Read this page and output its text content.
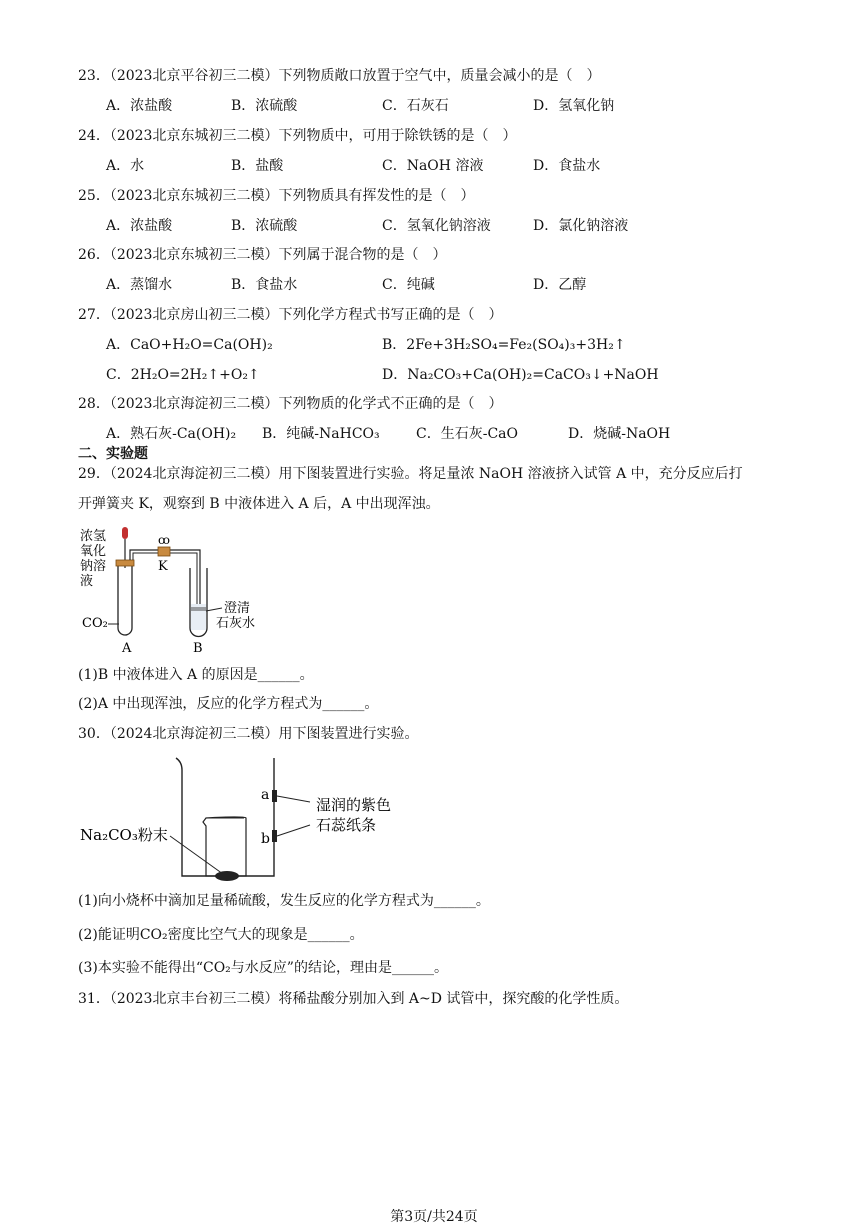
23．（2023北京平谷初三二模）下列物质敞口放置于空气中，质量会减小的是（　）
A．浓盐酸	B．浓硫酸	C．石灰石	D．氢氧化钠
24．（2023北京东城初三二模）下列物质中，可用于除铁锈的是（　）
A．水	B．盐酸	C．NaOH 溶液	D．食盐水
25．（2023北京东城初三二模）下列物质具有挥发性的是（　）
A．浓盐酸	B．浓硫酸	C．氢氧化钠溶液	D．氯化钠溶液
26．（2023北京东城初三二模）下列属于混合物的是（　）
A．蒸馏水	B．食盐水	C．纯碱	D．乙醇
27．（2023北京房山初三二模）下列化学方程式书写正确的是（　）
A．CaO+H₂O=Ca(OH)₂	B．2Fe+3H₂SO₄=Fe₂(SO₄)₃+3H₂↑
C．2H₂O=2H₂↑+O₂↑	D．Na₂CO₃+Ca(OH)₂=CaCO₃↓+NaOH
28．（2023北京海淀初三二模）下列物质的化学式不正确的是（　）
A．熟石灰-Ca(OH)₂ B．纯碱-NaHCO₃	C．生石灰-CaO	D．烧碱-NaOH
二、实验题
29．（2024北京海淀初三二模）用下图装置进行实验。将足量浓 NaOH 溶液挤入试管 A 中，充分反应后打
开弹簧夹 K，观察到 B 中液体进入 A 后，A 中出现浑浊。
浓氢
氧化
钠溶
液
ꝏ
K
CO₂
澄清
石灰水
A	B
(1)B 中液体进入 A 的原因是______。
(2)A 中出现浑浊，反应的化学方程式为______。
30．（2024北京海淀初三二模）用下图装置进行实验。
a
b
湿润的紫色
石蕊纸条
Na₂CO₃粉末
(1)向小烧杯中滴加足量稀硫酸，发生反应的化学方程式为______。
(2)能证明CO₂密度比空气大的现象是______。
(3)本实验不能得出“CO₂与水反应”的结论，理由是______。
31．（2023北京丰台初三二模）将稀盐酸分别加入到 A~D 试管中，探究酸的化学性质。
第3页/共24页
